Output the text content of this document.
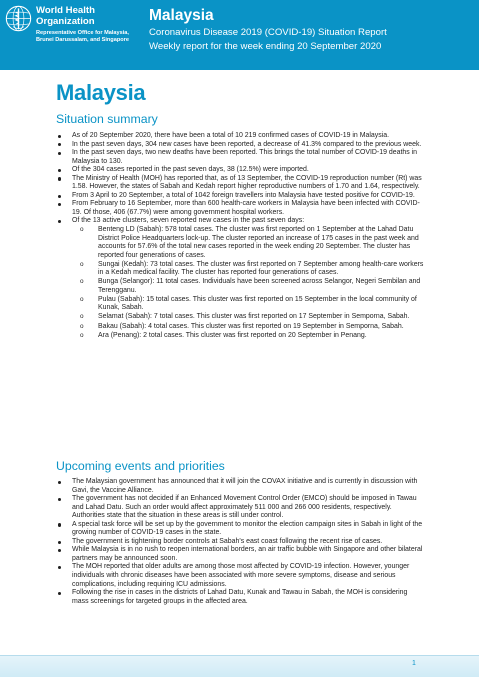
World Health Organization
Representative Office for Malaysia, Brunei Darussalam, and Singapore
Malaysia
Coronavirus Disease 2019 (COVID-19) Situation Report
Weekly report for the week ending 20 September 2020
Malaysia
Situation summary
As of 20 September 2020, there have been a total of 10 219 confirmed cases of COVID-19 in Malaysia.
In the past seven days, 304 new cases have been reported, a decrease of 41.3% compared to the previous week.
In the past seven days, two new deaths have been reported. This brings the total number of COVID-19 deaths in Malaysia to 130.
Of the 304 cases reported in the past seven days, 38 (12.5%) were imported.
The Ministry of Health (MOH) has reported that, as of 13 September, the COVID-19 reproduction number (Rt) was 1.58. However, the states of Sabah and Kedah report higher reproductive numbers of 1.70 and 1.64, respectively.
From 3 April to 20 September, a total of 1042 foreign travellers into Malaysia have tested positive for COVID-19.
From February to 16 September, more than 600 health-care workers in Malaysia have been infected with COVID-19. Of those, 406 (67.7%) were among government hospital workers.
Of the 13 active clusters, seven reported new cases in the past seven days:
o Benteng LD (Sabah): 578 total cases. The cluster was first reported on 1 September at the Lahad Datu District Police Headquarters lock-up. The cluster reported an increase of 175 cases in the past week and accounts for 57.6% of the total new cases reported in the week ending 20 September. The cluster has reported four generations of cases.
o Sungai (Kedah): 73 total cases. The cluster was first reported on 7 September among health-care workers in a Kedah medical facility. The cluster has reported four generations of cases.
o Bunga (Selangor): 11 total cases. Individuals have been screened across Selangor, Negeri Sembilan and Terengganu.
o Pulau (Sabah): 15 total cases. This cluster was first reported on 15 September in the local community of Kunak, Sabah.
o Selamat (Sabah): 7 total cases. This cluster was first reported on 17 September in Semporna, Sabah.
o Bakau (Sabah): 4 total cases. This cluster was first reported on 19 September in Semporna, Sabah.
o Ara (Penang): 2 total cases. This cluster was first reported on 20 September in Penang.
Upcoming events and priorities
The Malaysian government has announced that it will join the COVAX initiative and is currently in discussion with Gavi, the Vaccine Alliance.
The government has not decided if an Enhanced Movement Control Order (EMCO) should be imposed in Tawau and Lahad Datu. Such an order would affect approximately 511 000 and 266 000 residents, respectively. Authorities state that the situation in these areas is still under control.
A special task force will be set up by the government to monitor the election campaign sites in Sabah in light of the growing number of COVID-19 cases in the state.
The government is tightening border controls at Sabah's east coast following the recent rise of cases.
While Malaysia is in no rush to reopen international borders, an air traffic bubble with Singapore and other bilateral partners may be announced soon.
The MOH reported that older adults are among those most affected by COVID-19 infection. However, younger individuals with chronic diseases have been associated with more severe symptoms, disease and serious complications, including requiring ICU admissions.
Following the rise in cases in the districts of Lahad Datu, Kunak and Tawau in Sabah, the MOH is considering mass screenings for targeted groups in the affected area.
1
